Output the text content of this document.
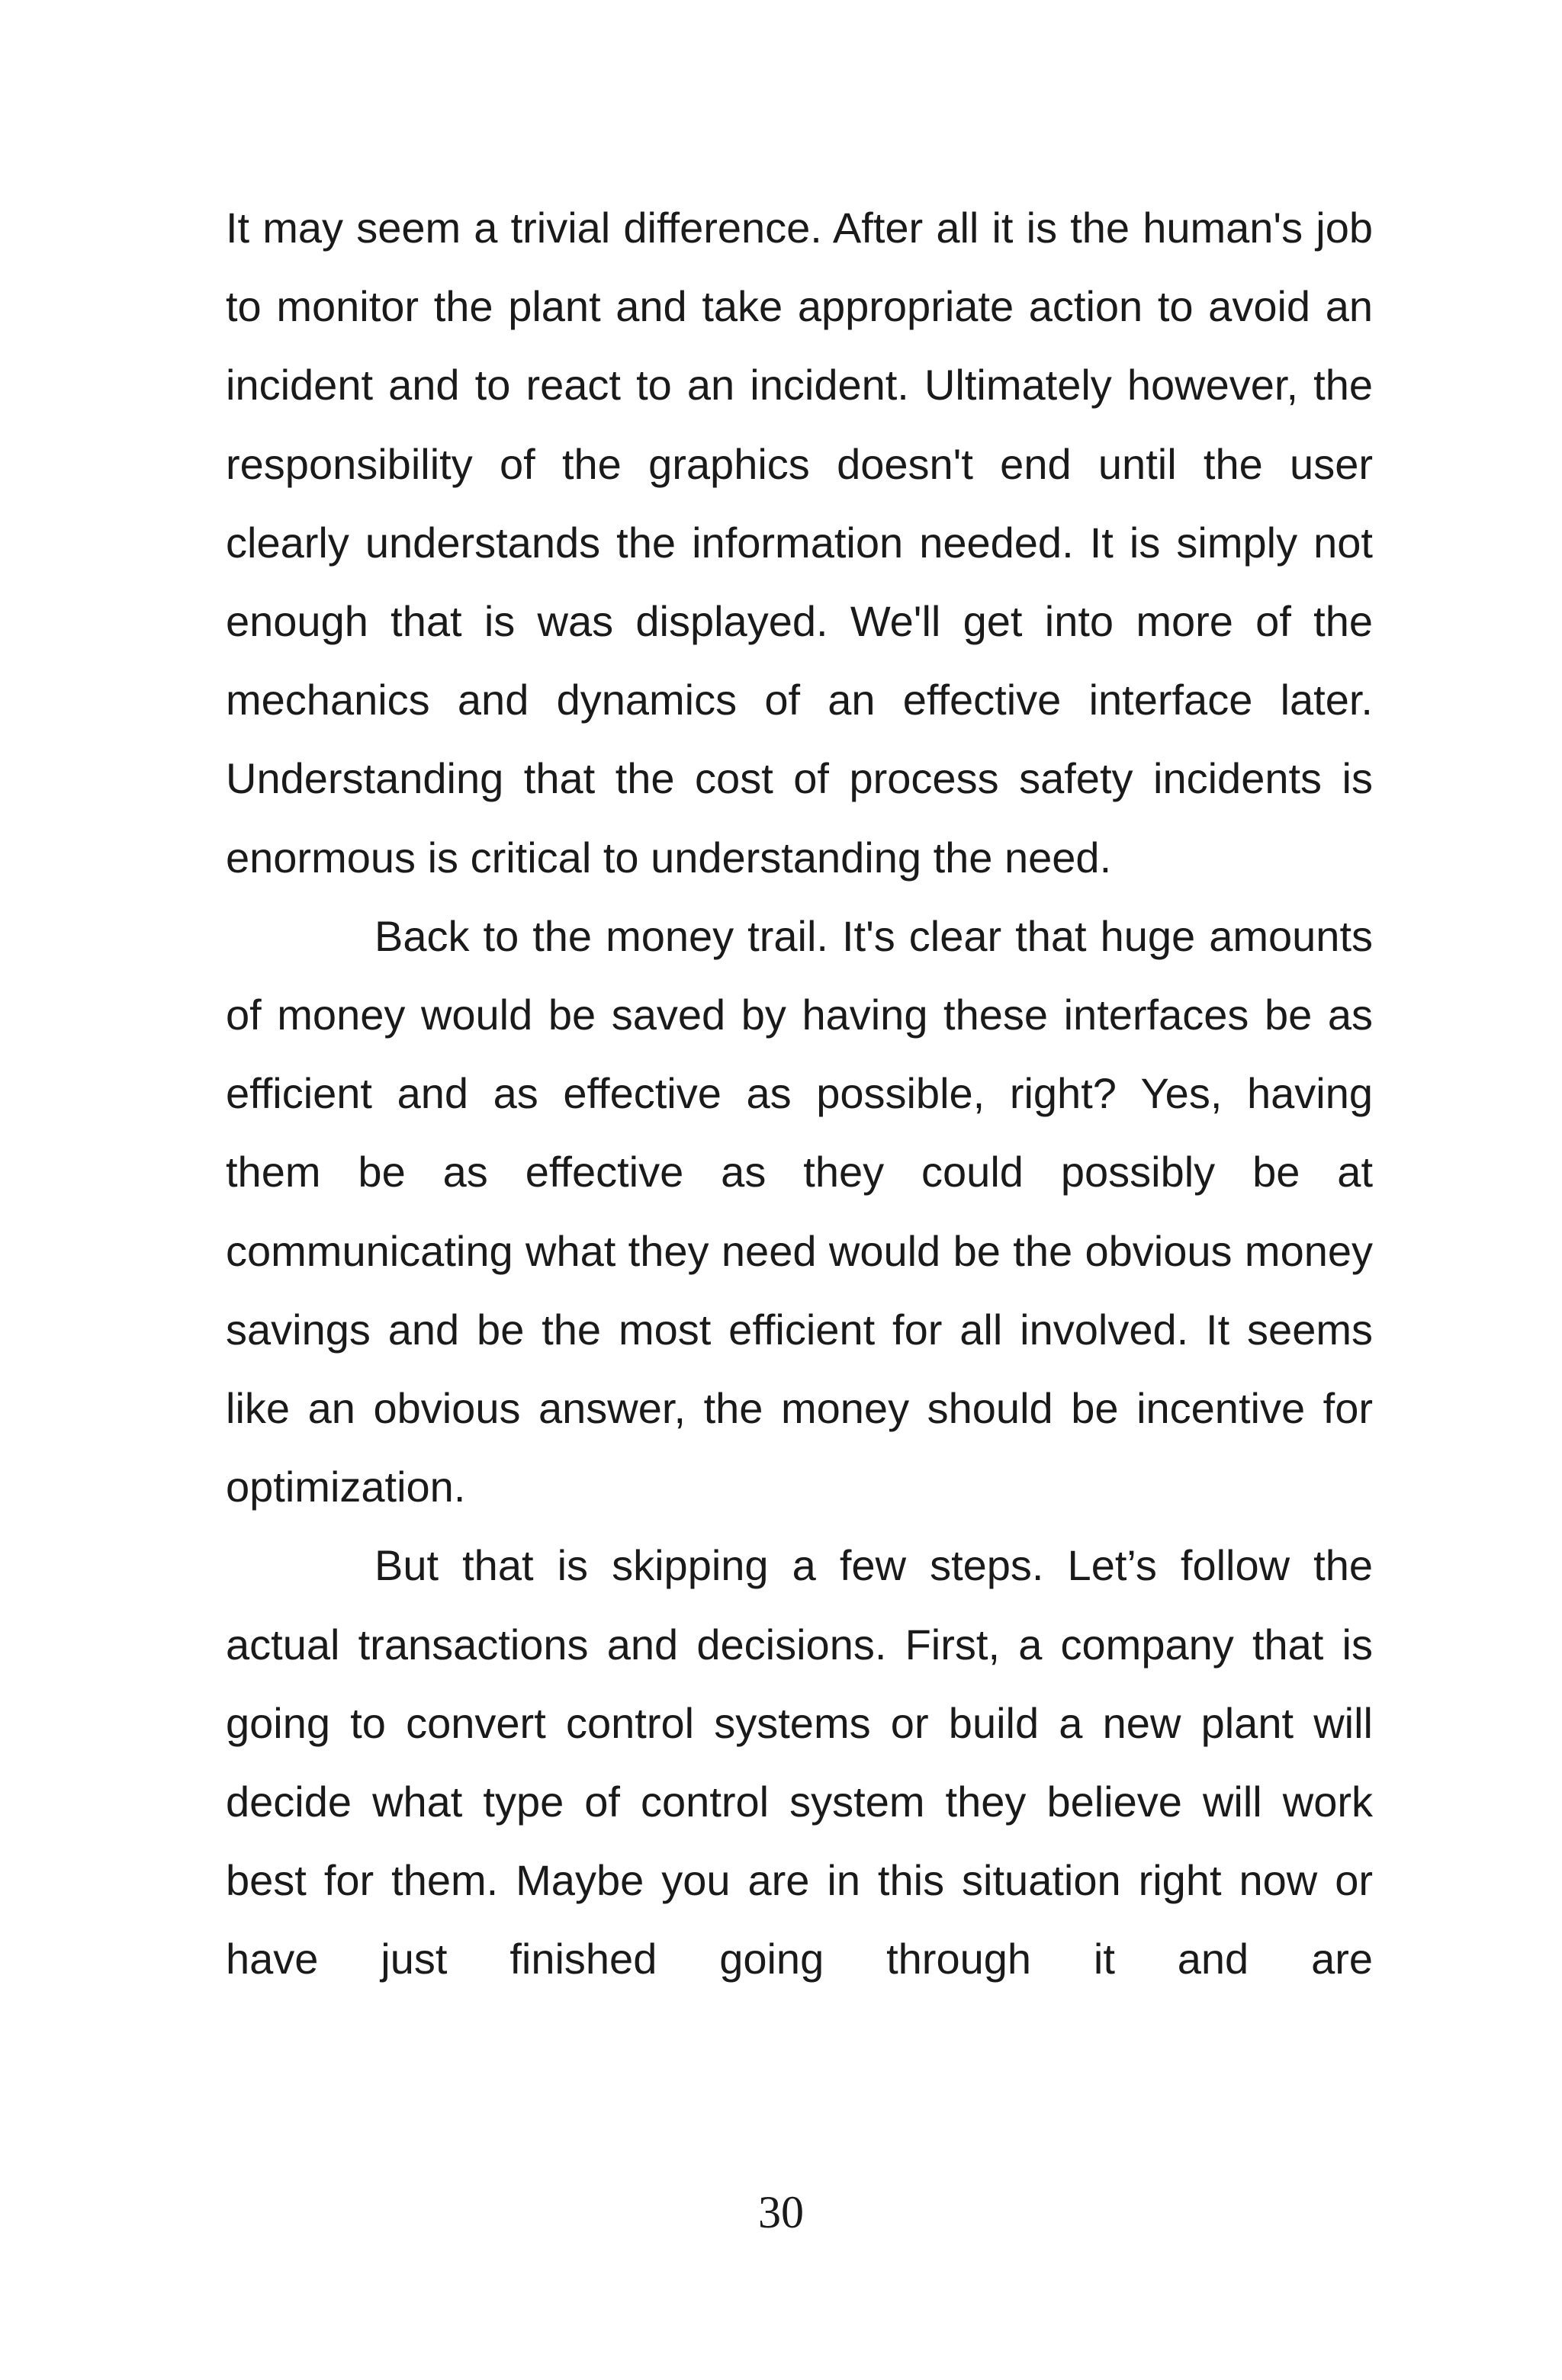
It may seem a trivial difference. After all it is the human's job to monitor the plant and take appropriate action to avoid an incident and to react to an incident. Ultimately however, the responsibility of the graphics doesn't end until the user clearly understands the information needed. It is simply not enough that is was displayed. We'll get into more of the mechanics and dynamics of an effective interface later. Understanding that the cost of process safety incidents is enormous is critical to understanding the need.

Back to the money trail. It's clear that huge amounts of money would be saved by having these interfaces be as efficient and as effective as possible, right? Yes, having them be as effective as they could possibly be at communicating what they need would be the obvious money savings and be the most efficient for all involved. It seems like an obvious answer, the money should be incentive for optimization.

But that is skipping a few steps. Let’s follow the actual transactions and decisions. First, a company that is going to convert control systems or build a new plant will decide what type of control system they believe will work best for them. Maybe you are in this situation right now or have just finished going through it and are

30
